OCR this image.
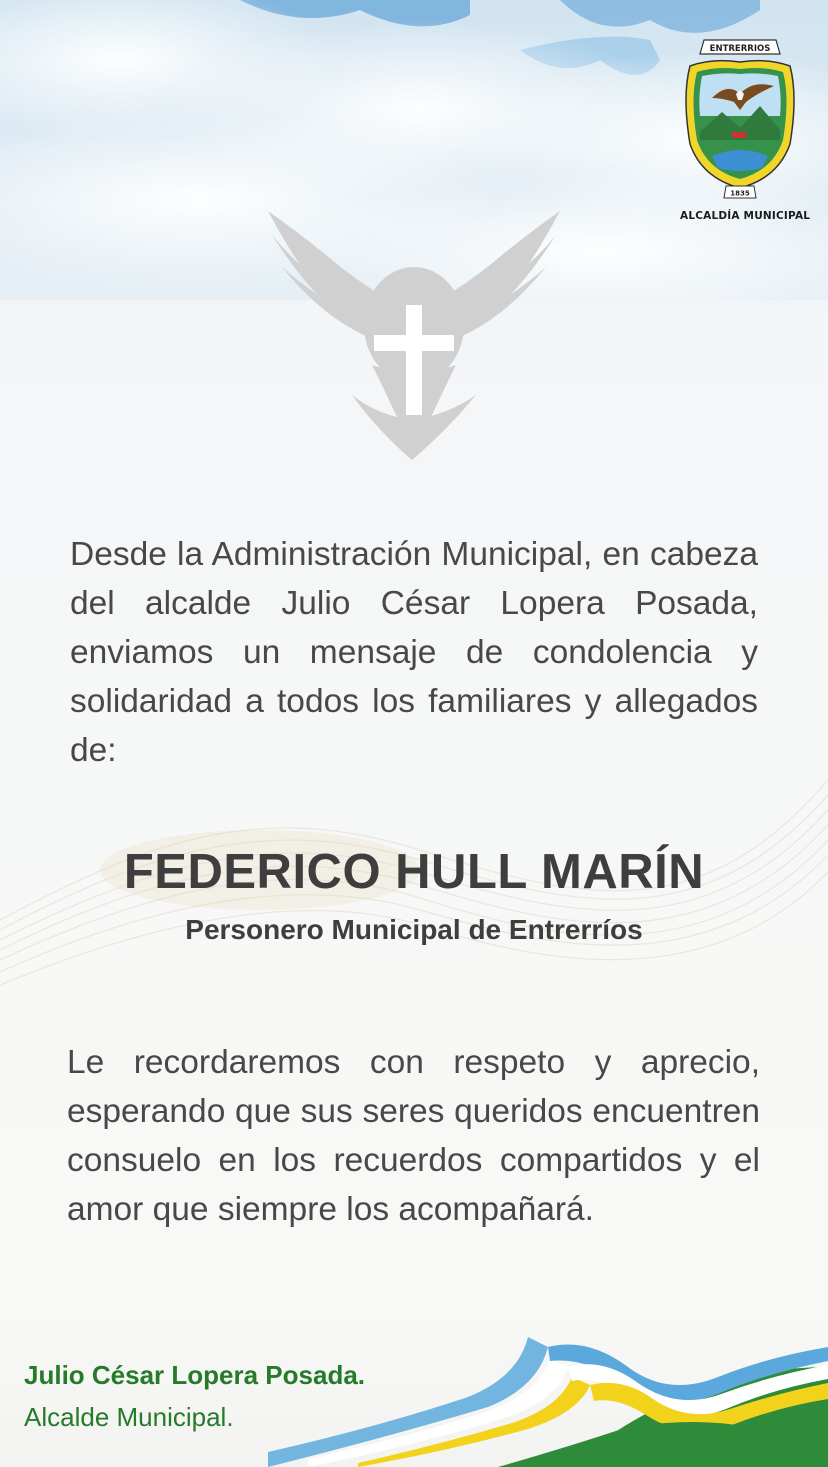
ENTRERRIOS
1835
ALCALDÍA MUNICIPAL

Desde la Administración Municipal, en cabeza del alcalde Julio César Lopera Posada, enviamos un mensaje de condolencia y solidaridad a todos los familiares y allegados de:

FEDERICO HULL MARÍN
Personero Municipal de Entrerríos

Le recordaremos con respeto y aprecio, esperando que sus seres queridos encuentren consuelo en los recuerdos compartidos y el amor que siempre los acompañará.

Julio César Lopera Posada.

Alcalde Municipal.
